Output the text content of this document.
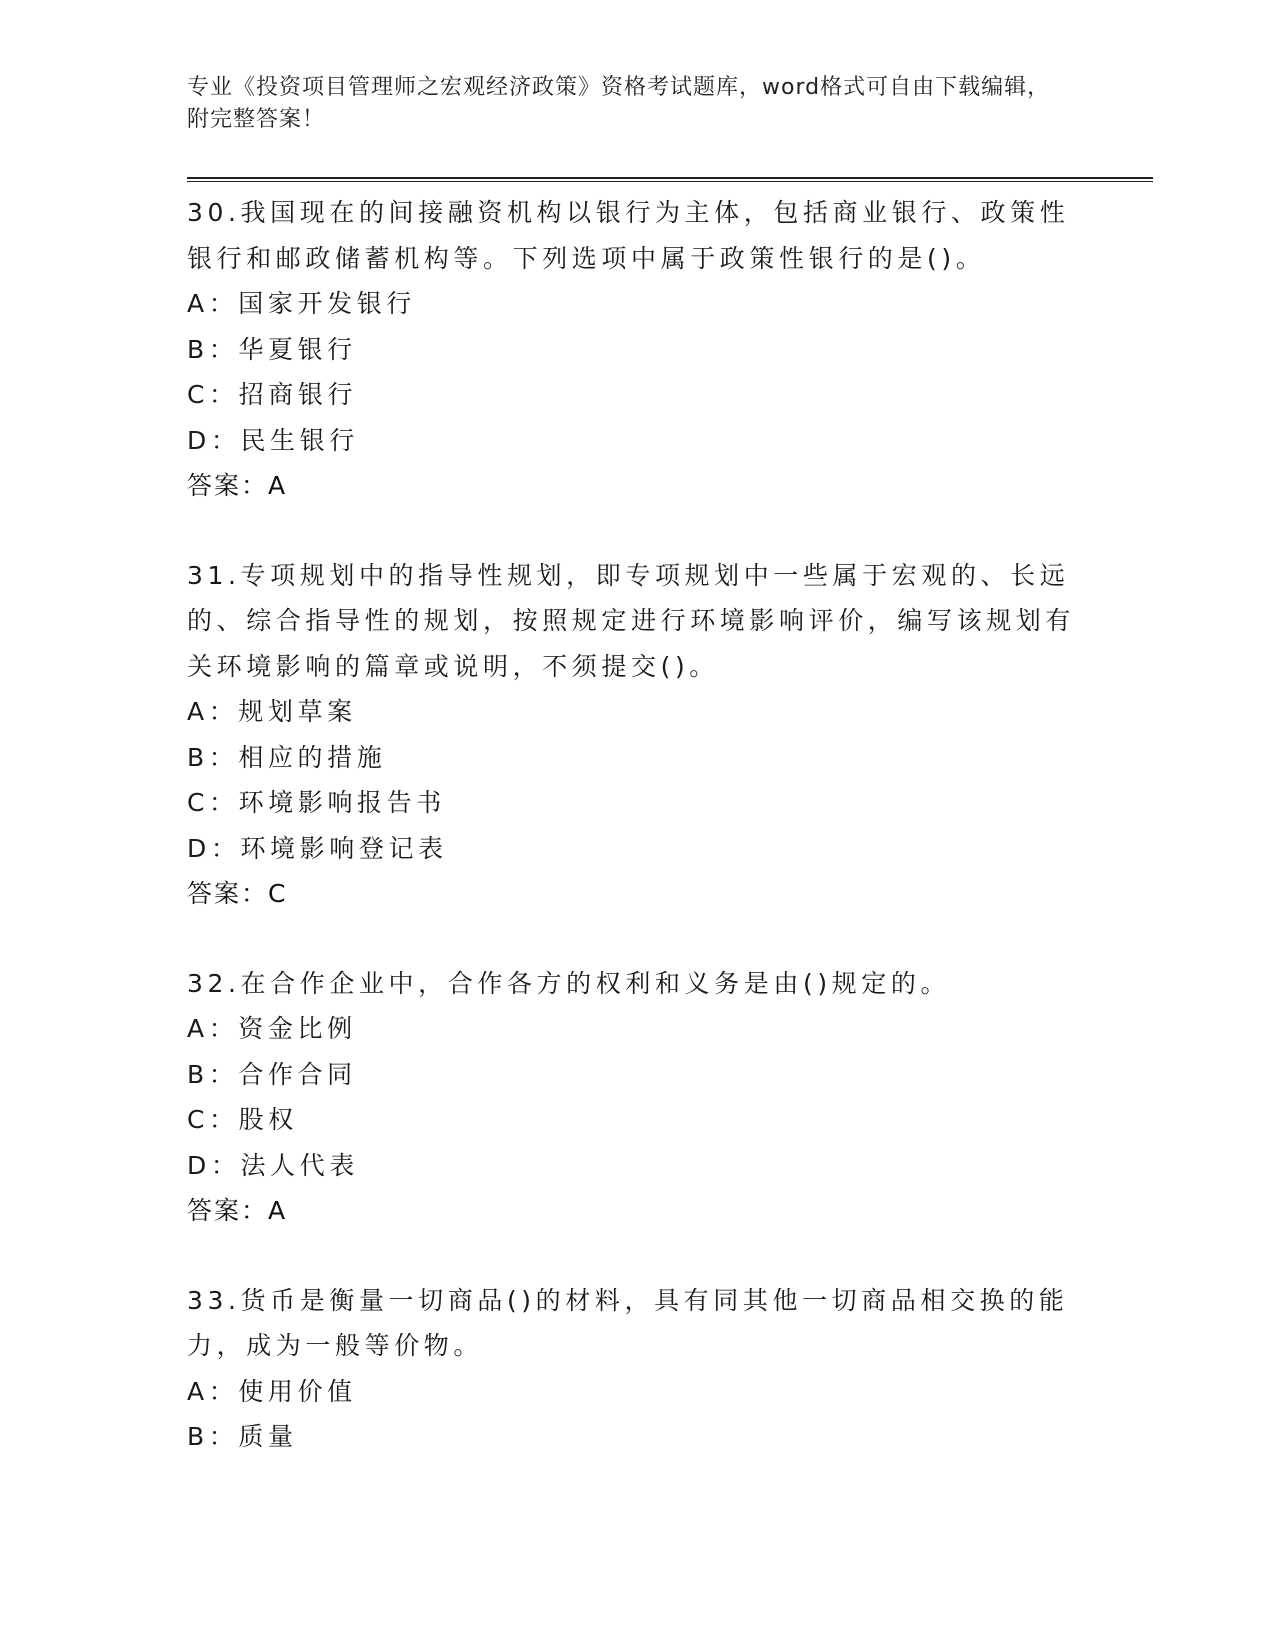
专业《投资项目管理师之宏观经济政策》资格考试题库，word格式可自由下载编辑，附完整答案！

30.我国现在的间接融资机构以银行为主体，包括商业银行、政策性银行和邮政储蓄机构等。下列选项中属于政策性银行的是()。

A：国家开发银行

B：华夏银行

C：招商银行

D：民生银行

答案：A

31.专项规划中的指导性规划，即专项规划中一些属于宏观的、长远的、综合指导性的规划，按照规定进行环境影响评价，编写该规划有关环境影响的篇章或说明，不须提交()。

A：规划草案

B：相应的措施

C：环境影响报告书

D：环境影响登记表

答案：C

32.在合作企业中，合作各方的权利和义务是由()规定的。

A：资金比例

B：合作合同

C：股权

D：法人代表

答案：A

33.货币是衡量一切商品()的材料，具有同其他一切商品相交换的能力，成为一般等价物。

A：使用价值

B：质量
